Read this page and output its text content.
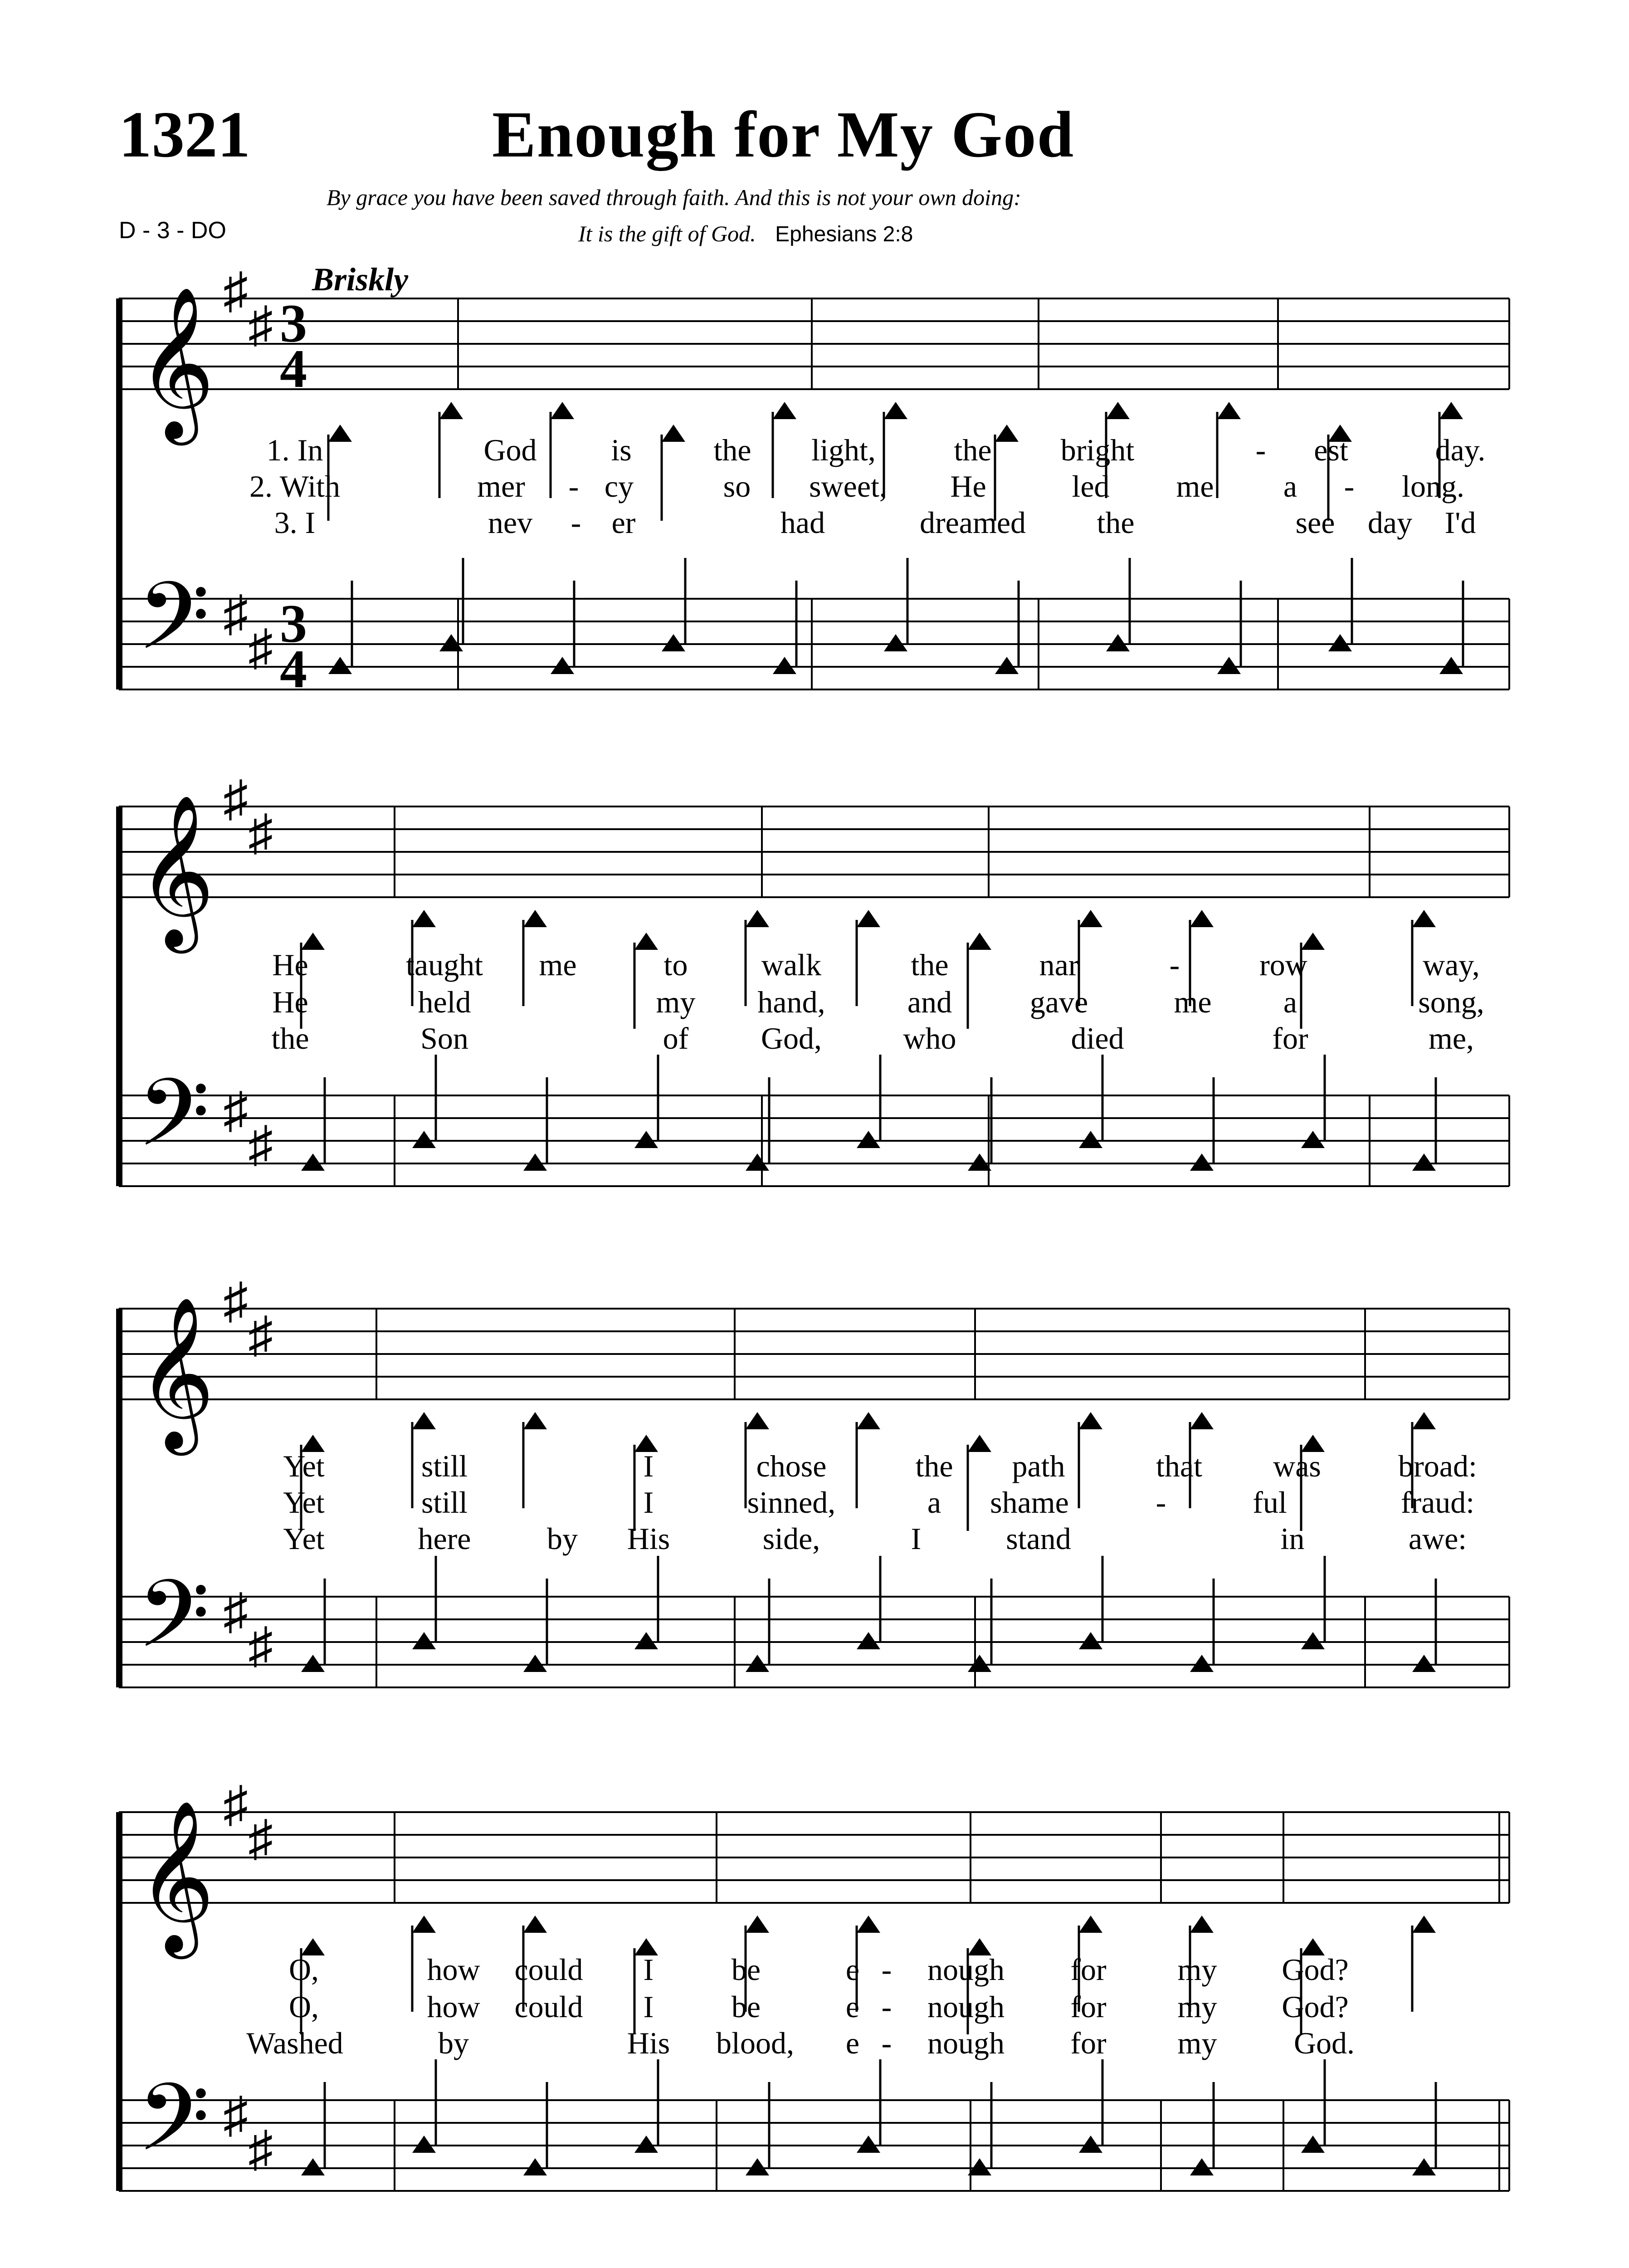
1321	Enough for My God
By grace you have been saved through faith. And this is not your own doing:
It is the gift of God. Ephesians 2:8
D - 3 - DO
𝄞
𝄢
♯
♯
♯
♯
3
4
3
4
Briskly
1. In	God is	the light,	the bright	- est	day.
2. With	mer - cy	so sweet, He	led me a - long.
3. I	nev - er	had	dreamed the	day I'd
see
𝄞
𝄢
♯
♯
♯
♯
He	taught me	to walk	the	nar	-	row	way,
He	held	my hand,	and	gave	me a	song,
the	Son	of God,	who	died	for	me,
𝄞
𝄢
♯
♯
♯
♯
Yet	still	I	chose	the path	that was	broad:
Yet	still	I	sinned,	a shame	-	ful	fraud:
Yet	here by His	side,	I	stand	in	awe:
𝄞
𝄢
♯
♯
♯
♯
O,	how could I	be	e - nough for my God?
O,	how could I	be	e - nough for my God?
Washed	by	His blood, e - nough for my God.
